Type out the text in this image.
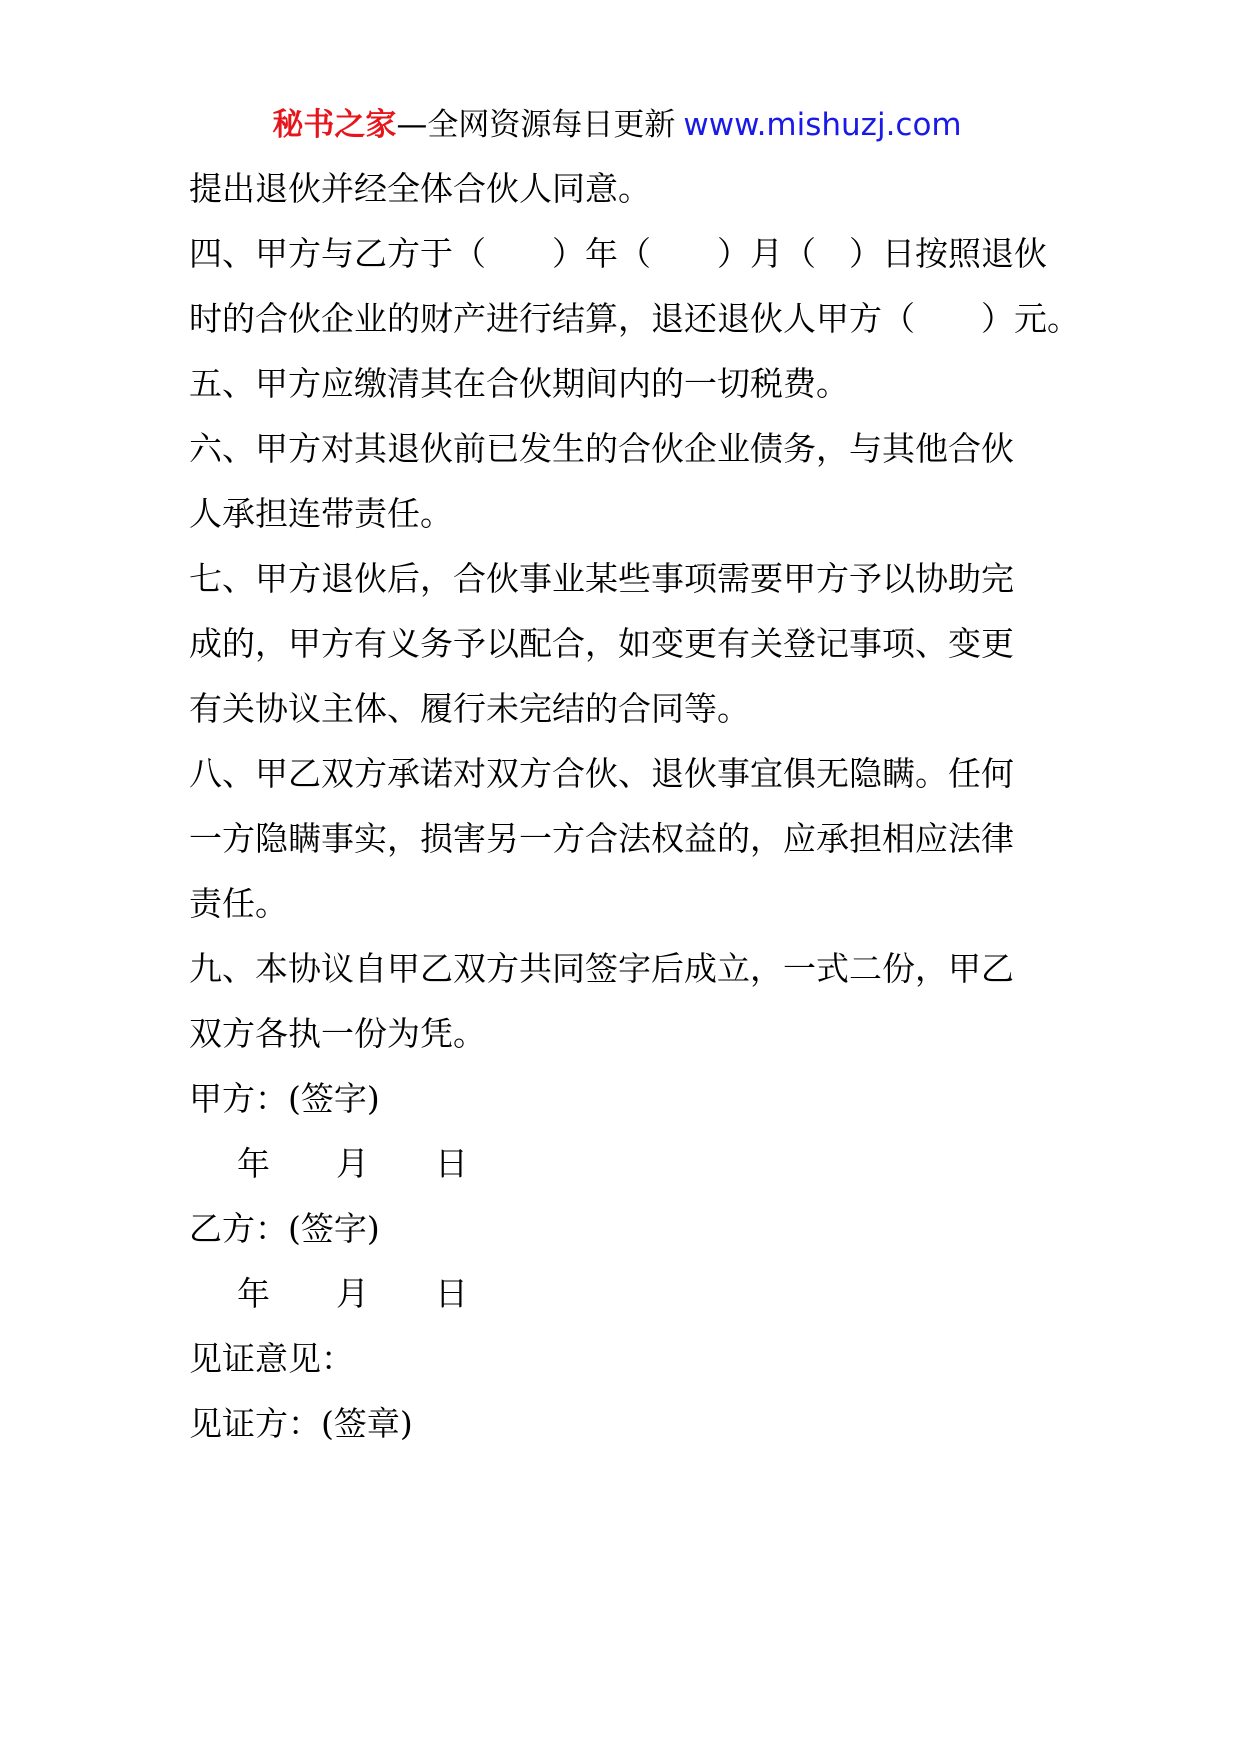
秘书之家—全网资源每日更新 www.mishuzj.com
提出退伙并经全体合伙人同意。
四、甲方与乙方于（　　）年（　　）月（　）日按照退伙
时的合伙企业的财产进行结算，退还退伙人甲方（　　）元。
五、甲方应缴清其在合伙期间内的一切税费。
六、甲方对其退伙前已发生的合伙企业债务，与其他合伙
人承担连带责任。
七、甲方退伙后，合伙事业某些事项需要甲方予以协助完
成的，甲方有义务予以配合，如变更有关登记事项、变更
有关协议主体、履行未完结的合同等。
八、甲乙双方承诺对双方合伙、退伙事宜俱无隐瞒。任何
一方隐瞒事实，损害另一方合法权益的，应承担相应法律
责任。
九、本协议自甲乙双方共同签字后成立，一式二份，甲乙
双方各执一份为凭。
甲方：(签字)
年　　月　　日
乙方：(签字)
年　　月　　日
见证意见：
见证方：(签章)
